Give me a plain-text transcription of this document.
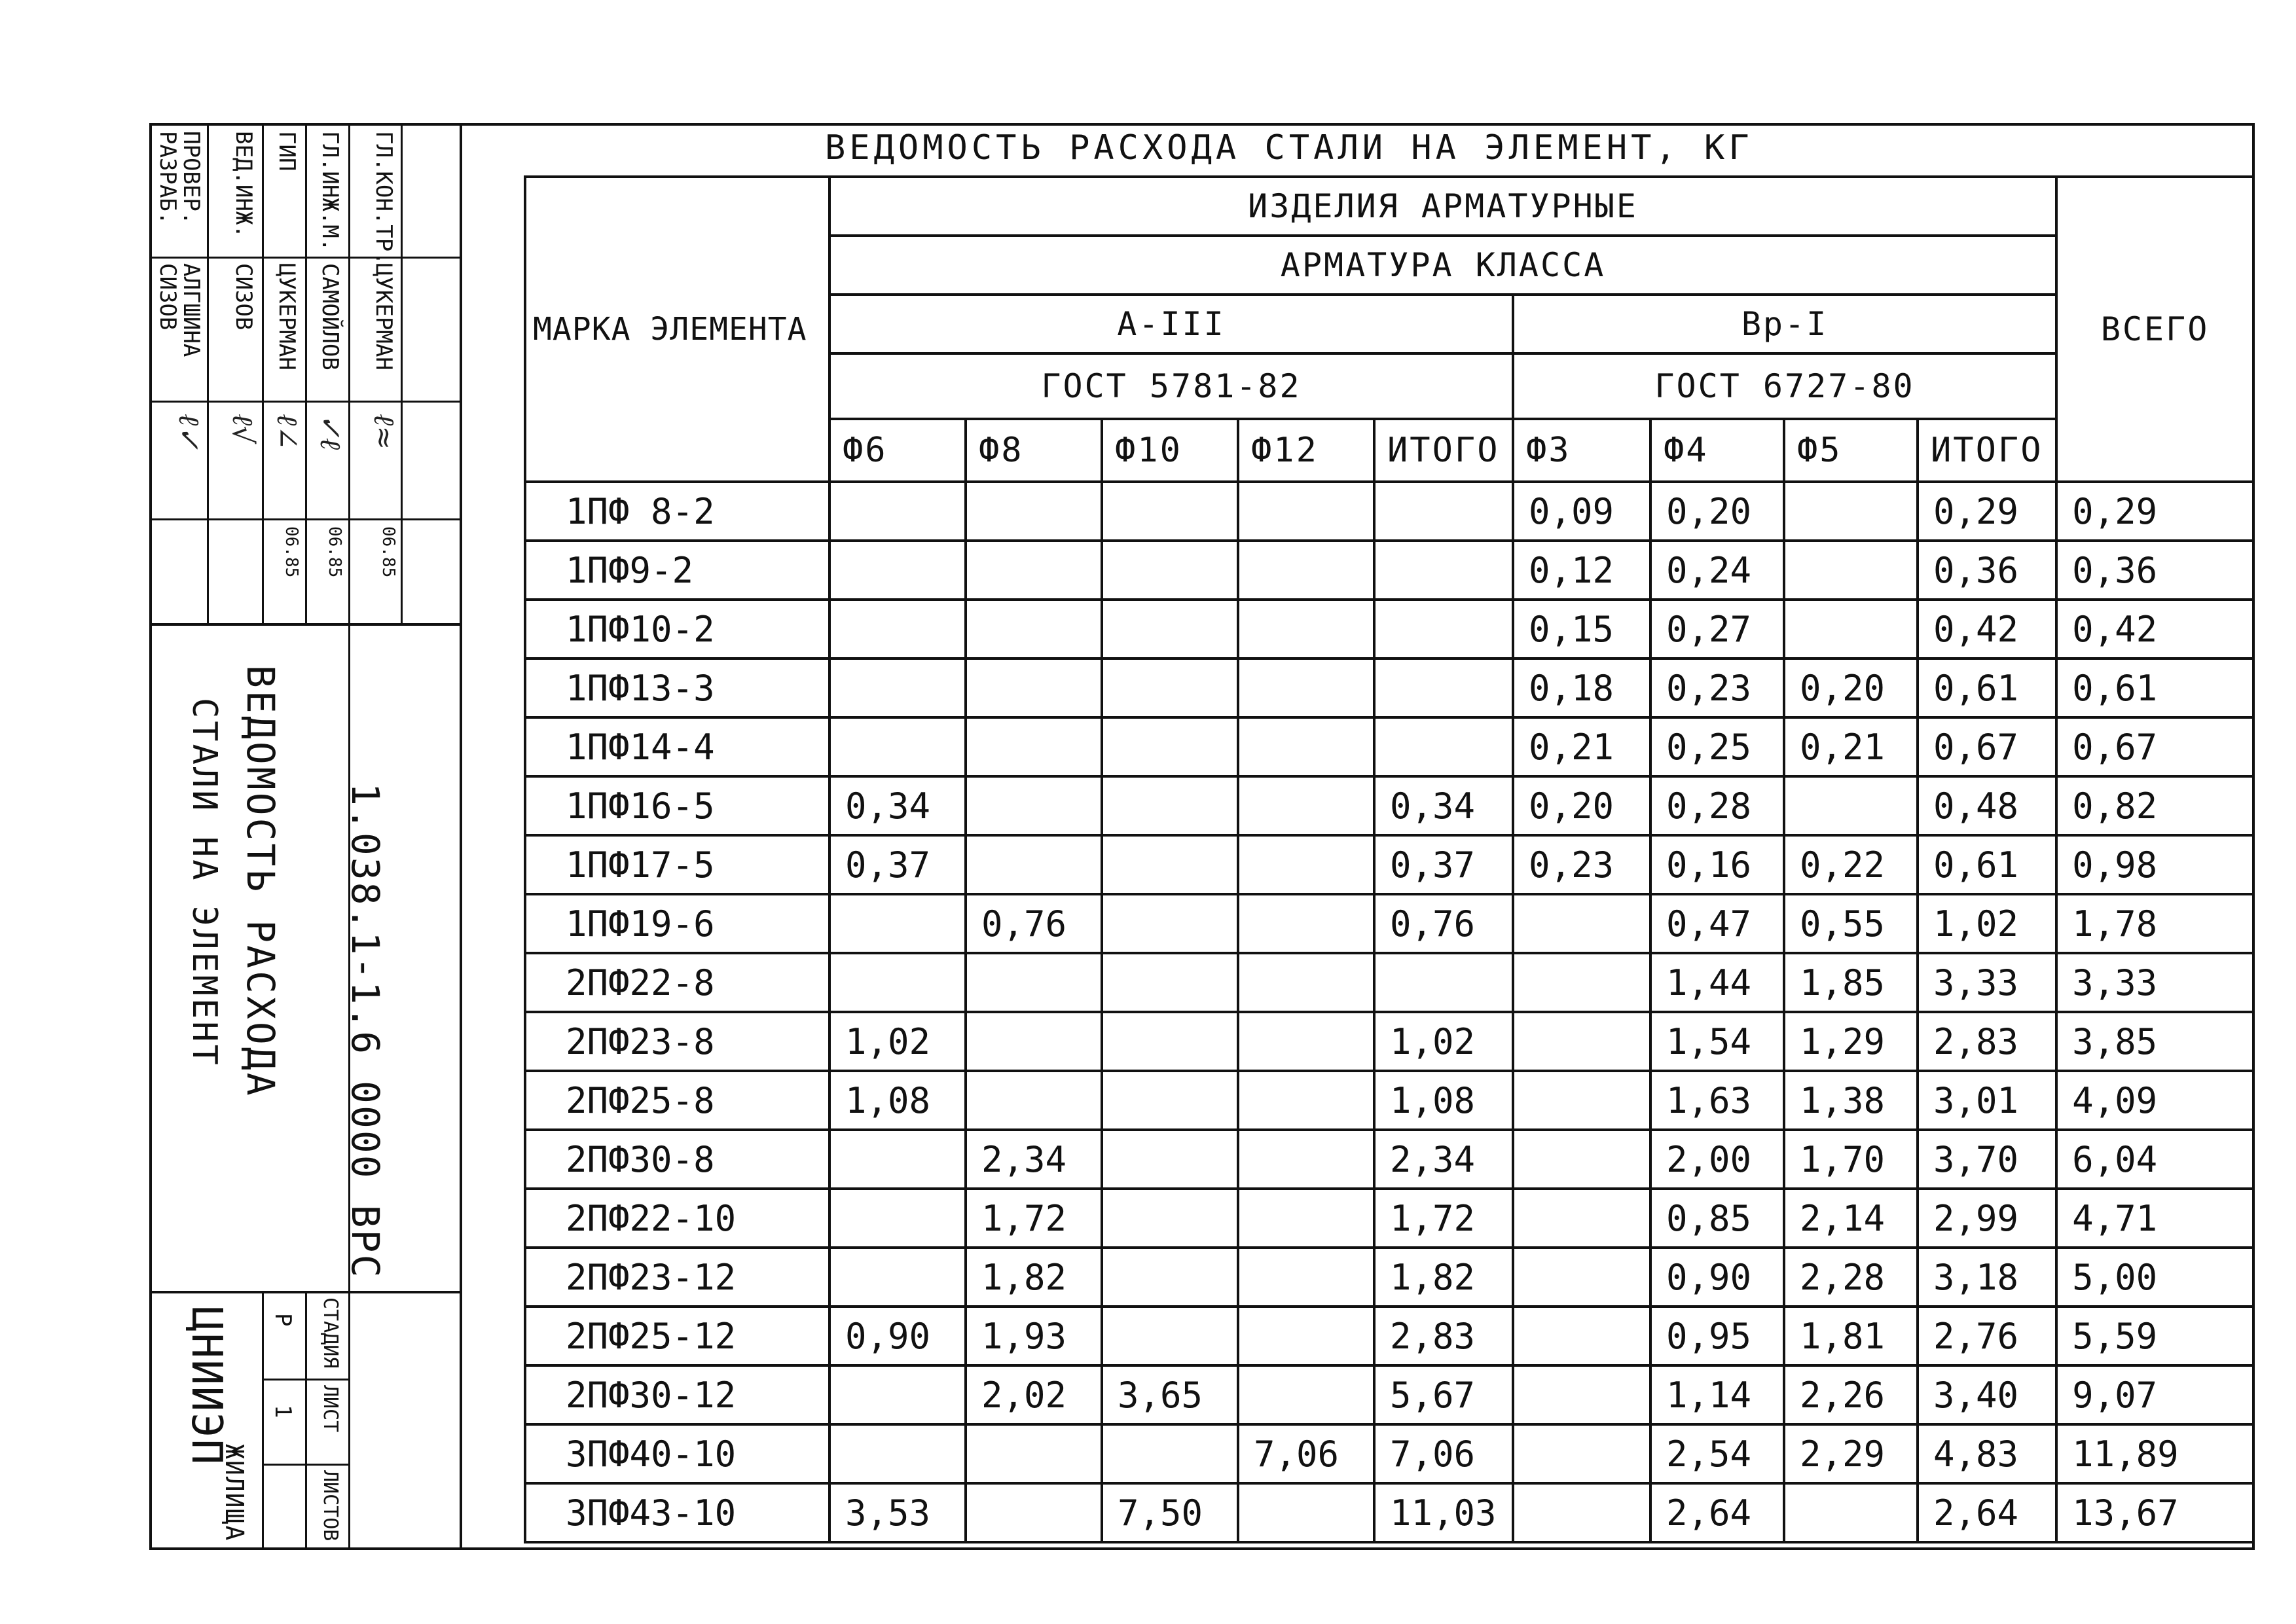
РАЗРАБ.
ПРОВЕР. ВЕД.ИНЖ. ГИП ГЛ.ИНЖ.М. ГЛ.КОН.ТР.
СИЗОВ
АЛГШИНА СИЗОВ ЦУКЕРМАН САМОЙЛОВ ЦУКЕРМАН
ℓ✓ ℓ√ ℓ∠ ✓ℓ ℓ≈
06.85 06.85 06.85
ВЕДОМОСТЬ РАСХОДА
СТАЛИ НА ЭЛЕМЕНТ	1.038.1-1.6 0000 ВРС
СТАДИЯ
Р
ЛИСТ
1
ЛИСТОВ
ЦНИИЭП
ЖИЛИЩА
ВЕДОМОСТЬ РАСХОДА СТАЛИ НА ЭЛЕМЕНТ, КГ
МАРКА ЭЛЕМЕНТА	ИЗДЕЛИЯ АРМАТУРНЫЕ									ВСЕГО
	АРМАТУРА КЛАССА									
	А-III					Вр-I				
	ГОСТ 5781-82					ГОСТ 6727-80				
	Ф6	Ф8	Ф10	Ф12	ИТОГО	Ф3	Ф4	Ф5	ИТОГО	
1ПФ 8-2						0,09	0,20		0,29	0,29
1ПФ9-2						0,12	0,24		0,36	0,36
1ПФ10-2						0,15	0,27		0,42	0,42
1ПФ13-3						0,18	0,23	0,20	0,61	0,61
1ПФ14-4						0,21	0,25	0,21	0,67	0,67
1ПФ16-5	0,34				0,34	0,20	0,28		0,48	0,82
1ПФ17-5	0,37				0,37	0,23	0,16	0,22	0,61	0,98
1ПФ19-6		0,76			0,76		0,47	0,55	1,02	1,78
2ПФ22-8							1,44	1,85	3,33	3,33
2ПФ23-8	1,02				1,02		1,54	1,29	2,83	3,85
2ПФ25-8	1,08				1,08		1,63	1,38	3,01	4,09
2ПФ30-8		2,34			2,34		2,00	1,70	3,70	6,04
2ПФ22-10		1,72			1,72		0,85	2,14	2,99	4,71
2ПФ23-12		1,82			1,82		0,90	2,28	3,18	5,00
2ПФ25-12	0,90	1,93			2,83		0,95	1,81	2,76	5,59
2ПФ30-12		2,02	3,65		5,67		1,14	2,26	3,40	9,07
3ПФ40-10				7,06	7,06		2,54	2,29	4,83	11,89
3ПФ43-10	3,53		7,50		11,03		2,64		2,64	13,67
